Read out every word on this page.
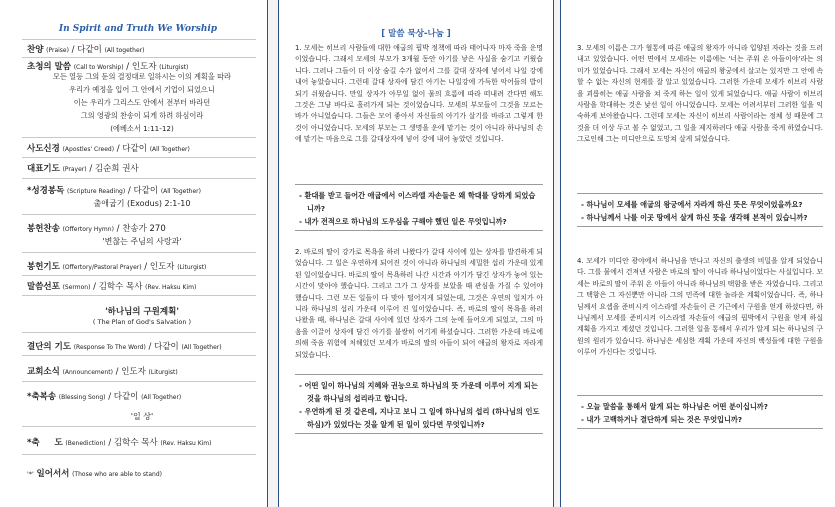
In Spirit and Truth We Worship
찬양 (Praise) / 다같이 (All together)
초청의 말씀 (Call to Worship) / 인도자 (Liturgist)
모든 열등 그의 둔의 결정대로 일하시는 이의 계획을 따라
우리가 예정을 입어 그 안에서 기업이 되었으니
이는 우리가 그리스도 안에서 전부터 바라던
그의 영광의 찬송이 되게 하려 하심이라
(에베소서 1:11-12)
사도신경 (Apostles' Creed) / 다같이 (All Together)
대표기도 (Prayer) / 김순희 권사
*성경봉독 (Scripture Reading) / 다같이 (All Together)
출애굽기 (Exodus) 2:1-10
봉헌찬송 (Offertory Hymn) / 찬송가 270
'변찮는 주님의 사랑과'
봉헌기도 (Offertory/Pastoral Prayer) / 인도자 (Liturgist)
말씀선포 (Sermon) / 김학수 목사 (Rev. Haksu Kim)
'하나님의 구원계획'
( The Plan of God's Salvation )
결단의 기도 (Response To The Word) / 다같이 (All Together)
교회소식 (Announcement) / 인도자 (Liturgist)
*축복송 (Blessing Song) / 다같이 (All Together)
'일 상'
*축     도 (Benediction) / 김학수 목사 (Rev. Haksu Kim)
'*' 일어서서 (Those who are able to stand)
[ 말씀 묵상-나눔 ]
1. 모세는 히브리 사람들에 대한 애굽의 핍박 정책에 따라 태어나자 마자 죽을 운명이었습니다. 그래서 모세의 부모가 3개월 동안 아기를 낳은 사실을 숨기고 키웠습니다. 그러나 그들이 더 이상 숨길 수가 없어서 그를 갈대 상자에 넣어서 나일 강에 내어 놓았습니다. 그런데 갈대 상자에 담긴 아기는 나일강에 가득한 악어들의 밥이 되기 쉬웠습니다. 만일 상자가 아무일 없이 물의 흐름에 따라 떠내려 간다면 해도 그것은 그냥 바다로 흘러가게 되는 것이었습니다. 모세의 부모들이 그것을 모르는 바가 아니었습니다. 그들은 모어 좋아서 자신들의 아기가 살기를 바라고 그렇게 한 것이 아니었습니다. 모세의 부모는 그 생명을 운에 맡기는 것이 아니라 하나님의 손에 맡기는 마음으로 그를 갈대상자에 넣어 강에 내어 놓았던 것입니다.
- 환대를 받고 들어간 애굽에서 이스라엘 자손들은 왜 학대를 당하게 되었습니까?
- 내가 전적으로 하나님의 도우심을 구해야 했던 일은 무엇입니까?
2. 바로의 딸이 강가로 목욕을 하러 나왔다가 갈대 사이에 있는 상자를 발견하게 되었습니다. 그 일은 우연하게 되어진 것이 아니라 하나님의 세밀한 섭리 가운데 있게 된 일이었습니다. 바로의 딸이 목욕하러 나간 시간과 아기가 담긴 상자가 놓여 있는 시간이 맞아야 했습니다. 그리고 그가 그 상자를 보았을 때 관심을 가질 수 있어야 했습니다. 그런 모든 일들이 다 맞아 떨어지게 되었는데, 그것은 우연의 일치가 아니라 하나님의 섭리 가운데 이루어 진 일이었습니다. 즉, 바로의 딸이 목욕을 하러 나왔을 때, 하나님은 갈대 사이에 있던 상자가 그의 눈에 들어오게 되었고, 그의 마음을 이끌어 상자에 담긴 아기를 불쌍히 여기게 하셨습니다. 그러한 가운데 바로에 의해 죽음 위험에 처해있던 모세가 바로의 딸의 아들이 되어 애굽의 왕자로 자라게 되었습니다.
- 어떤 일이 하나님의 지혜와 권능으로 하나님의 뜻 가운데 이루어 지게 되는 것을 하나님의 섭리라고 합니다.
- 우연하게 된 것 같은데, 지나고 보니 그 일에 하나님의 섭리 (하나님의 인도하심)가 있었다는 것을 알게 된 일이 있다면 무엇입니까?
3. 모세의 이름은 그가 혈통에 따른 애굽의 왕자가 아니라 입양된 자라는 것을 드러내고 있었습니다. 어떤 면에서 모세라는 이름에는 '너는 주워 온 아들이야'라는 의미가 있었습니다. 그래서 모세는 자신이 애굽의 왕궁에서 살고는 있지만 그 안에 속할 수 없는 자신의 현계를 잘 알고 있었습니다. 그러한 가운데 모세가 히브리 사람을 괴롭히는 애굽 사람을 쳐 죽게 하는 일이 있게 되었습니다. 애굽 사람이 히브리 사람을 학대하는 것은 낯선 일이 아니었습니다. 모세는 어려서부터 그러한 일을 익숙하게 보아왔습니다. 그런데 모세는 자신이 히브리 사람이라는 정체 성 때문에 그것을 더 이상 두고 볼 수 없었고, 그 일을 제지하려다 애굽 사람을 죽게 하였습니다. 그로인해 그는 미디안으로 도망쳐 살게 되었습니다.
- 하나님이 모세를 애굽의 왕궁에서 자라게 하신 뜻은 무엇이었을까요?
- 하나님께서 나를 이곳 땅에서 살게 하신 뜻을 생각해 본적이 있습니까?
4. 모세가 미디안 광야에서 하나님을 만나고 자신의 출생의 비밀을 알게 되었습니다. 그를 물에서 건져낸 사람은 바로의 딸이 아니라 하나님이었다는 사실입니다. 모세는 바로의 딸이 주워 온 아들이 아니라 하나님의 택함을 받은 자였습니다. 그리고 그 택함은 그 자신뿐만 아니라 그의 민족에 대한 놀라운 계획이었습니다. 즉, 하나님께서 요셉을 준비시켜 이스라엘 자손들이 큰 기근에서 구원을 얻게 하셨다면, 하나님께서 모세를 준비시켜 이스라엘 자손들이 애굽의 핍박에서 구원을 얻게 하실 계획을 가지고 계셨던 것입니다. 그러한 일을 통해서 우리가 알게 되는 하나님의 구원의 원리가 있습니다. 하나님은 세심한 계획 가운데 자신의 백성들에 대한 구원을 이루어 가신다는 것입니다.
- 오늘 말씀을 통해서 알게 되는 하나님은 어떤 분이십니까?
- 내가 고백하거나 결단하게 되는 것은 무엇입니까?
